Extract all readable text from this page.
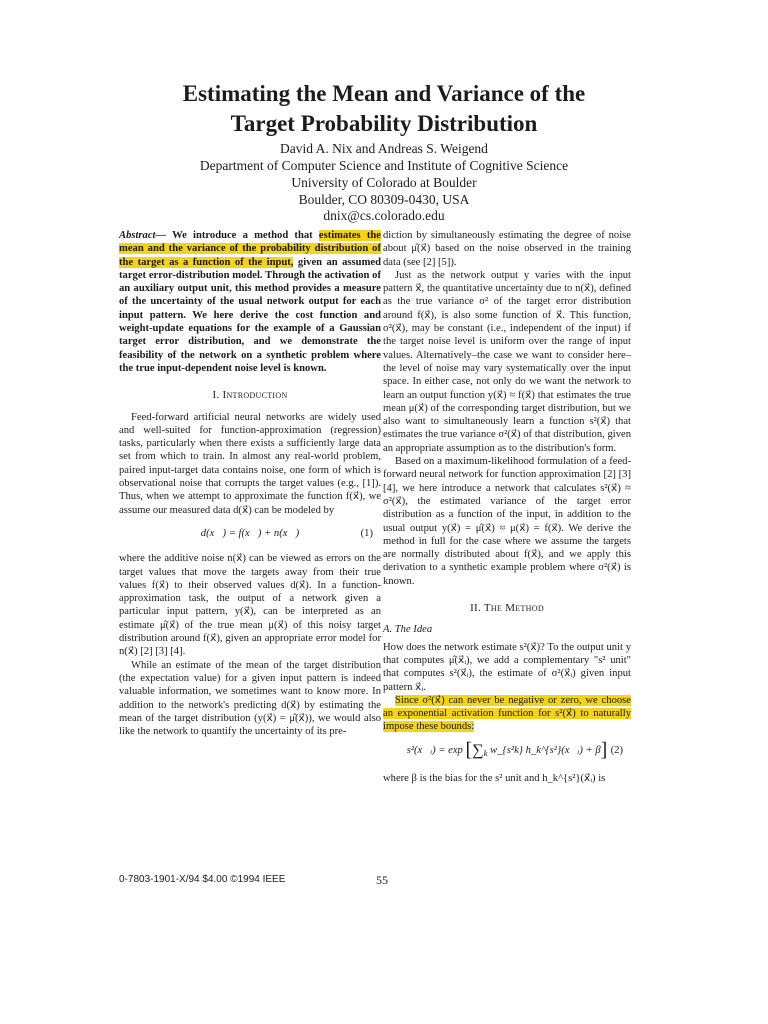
Estimating the Mean and Variance of the
Target Probability Distribution
David A. Nix and Andreas S. Weigend
Department of Computer Science and Institute of Cognitive Science
University of Colorado at Boulder
Boulder, CO 80309-0430, USA
dnix@cs.colorado.edu

Abstract— We introduce a method that estimates the mean and the variance of the probability distribution of the target as a function of the input, given an assumed target error-distribution model. Through the activation of an auxiliary output unit, this method provides a measure of the uncertainty of the usual network output for each input pattern. We here derive the cost function and weight-update equations for the example of a Gaussian target error distribution, and we demonstrate the feasibility of the network on a synthetic problem where the true input-dependent noise level is known.

I. Introduction

Feed-forward artificial neural networks are widely used and well-suited for function-approximation (regression) tasks, particularly when there exists a sufficiently large data set from which to train. In almost any real-world problem, paired input-target data contains noise, one form of which is observational noise that corrupts the target values (e.g., [1]). Thus, when we attempt to approximate the function f(x⃗), we assume our measured data d(x⃗) can be modeled by

d(x⃗) = f(x⃗) + n(x⃗)	(1)

where the additive noise n(x⃗) can be viewed as errors on the target values that move the targets away from their true values f(x⃗) to their observed values d(x⃗). In a function-approximation task, the output of a network given a particular input pattern, y(x⃗), can be interpreted as an estimate μ̂(x⃗) of the true mean μ(x⃗) of this noisy target distribution around f(x⃗), given an appropriate error model for n(x⃗) [2] [3] [4].

While an estimate of the mean of the target distribution (the expectation value) for a given input pattern is indeed valuable information, we sometimes want to know more. In addition to the network's predicting d(x⃗) by estimating the mean of the target distribution (y(x⃗) = μ̂(x⃗)), we would also like the network to quantify the uncertainty of its pre-

diction by simultaneously estimating the degree of noise about μ̂(x⃗) based on the noise observed in the training data (see [2] [5]).

Just as the network output y varies with the input pattern x⃗, the quantitative uncertainty due to n(x⃗), defined as the true variance σ² of the target error distribution around f(x⃗), is also some function of x⃗. This function, σ²(x⃗), may be constant (i.e., independent of the input) if the target noise level is uniform over the range of input values. Alternatively–the case we want to consider here–the level of noise may vary systematically over the input space. In either case, not only do we want the network to learn an output function y(x⃗) ≈ f(x⃗) that estimates the true mean μ(x⃗) of the corresponding target distribution, but we also want to simultaneously learn a function s²(x⃗) that estimates the true variance σ²(x⃗) of that distribution, given an appropriate assumption as to the distribution's form.

Based on a maximum-likelihood formulation of a feed-forward neural network for function approximation [2] [3] [4], we here introduce a network that calculates s²(x⃗) ≈ σ²(x⃗), the estimated variance of the target error distribution as a function of the input, in addition to the usual output y(x⃗) = μ̂(x⃗) ≈ μ(x⃗) = f(x⃗). We derive the method in full for the case where we assume the targets are normally distributed about f(x⃗), and we apply this derivation to a synthetic example problem where σ²(x⃗) is known.

II. The Method
A. The Idea

How does the network estimate s²(x⃗)? To the output unit y that computes μ̂(x⃗ᵢ), we add a complementary "s² unit" that computes s²(x⃗ᵢ), the estimate of σ²(x⃗ᵢ) given input pattern x⃗ᵢ.

Since σ²(x⃗) can never be negative or zero, we choose an exponential activation function for s²(x⃗) to naturally impose these bounds:

s²(x⃗ᵢ) = $\exp [\sum_k$ w_{s²k} h_k^{s²}(x⃗ᵢ) + β] (2)

where β is the bias for the s² unit and h_k^{s²}(x⃗ᵢ) is

0-7803-1901-X/94 $4.00 ©1994 IEEE	55
